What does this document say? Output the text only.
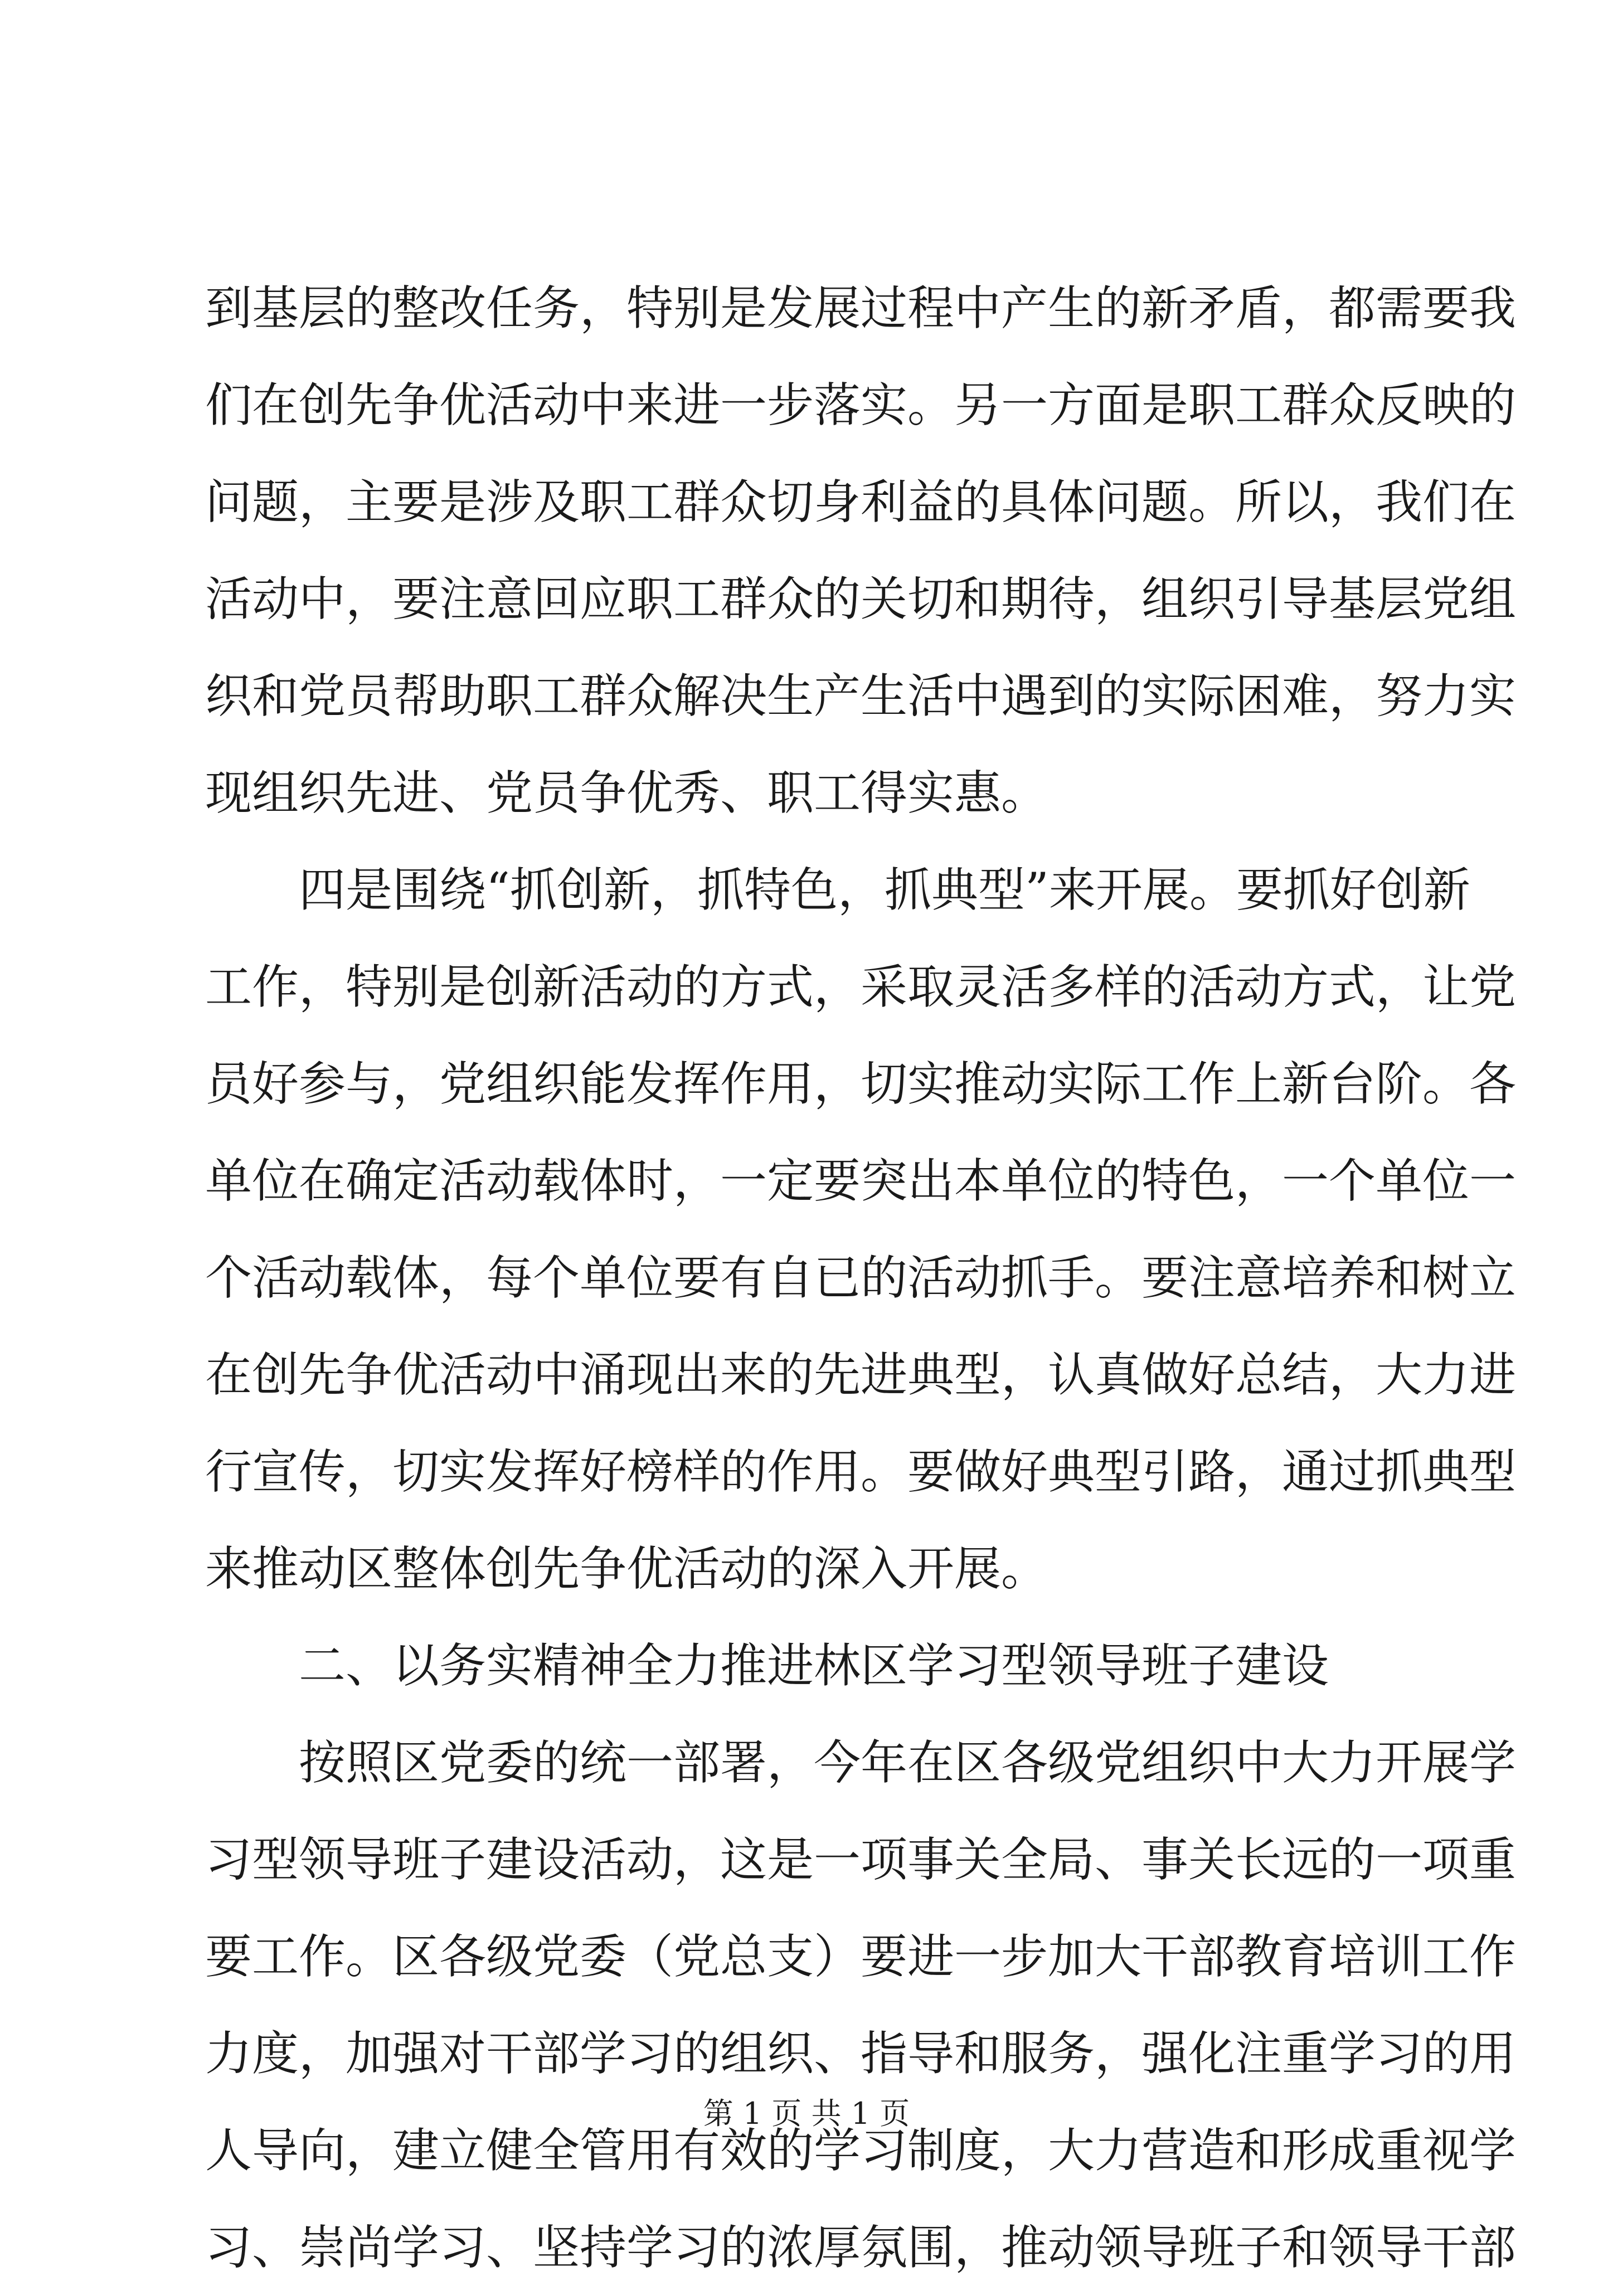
到基层的整改任务，特别是发展过程中产生的新矛盾，都需要我
们在创先争优活动中来进一步落实。另一方面是职工群众反映的
问题，主要是涉及职工群众切身利益的具体问题。所以，我们在
活动中，要注意回应职工群众的关切和期待，组织引导基层党组
织和党员帮助职工群众解决生产生活中遇到的实际困难，努力实
现组织先进、党员争优秀、职工得实惠。
四是围绕“抓创新，抓特色，抓典型”来开展。要抓好创新
工作，特别是创新活动的方式，采取灵活多样的活动方式，让党
员好参与，党组织能发挥作用，切实推动实际工作上新台阶。各
单位在确定活动载体时，一定要突出本单位的特色，一个单位一
个活动载体，每个单位要有自已的活动抓手。要注意培养和树立
在创先争优活动中涌现出来的先进典型，认真做好总结，大力进
行宣传，切实发挥好榜样的作用。要做好典型引路，通过抓典型
来推动区整体创先争优活动的深入开展。
二、以务实精神全力推进林区学习型领导班子建设
按照区党委的统一部署，今年在区各级党组织中大力开展学
习型领导班子建设活动，这是一项事关全局、事关长远的一项重
要工作。区各级党委（党总支）要进一步加大干部教育培训工作
力度，加强对干部学习的组织、指导和服务，强化注重学习的用
人导向，建立健全管用有效的学习制度，大力营造和形成重视学
习、崇尚学习、坚持学习的浓厚氛围，推动领导班子和领导干部
第 1 页 共 1 页
